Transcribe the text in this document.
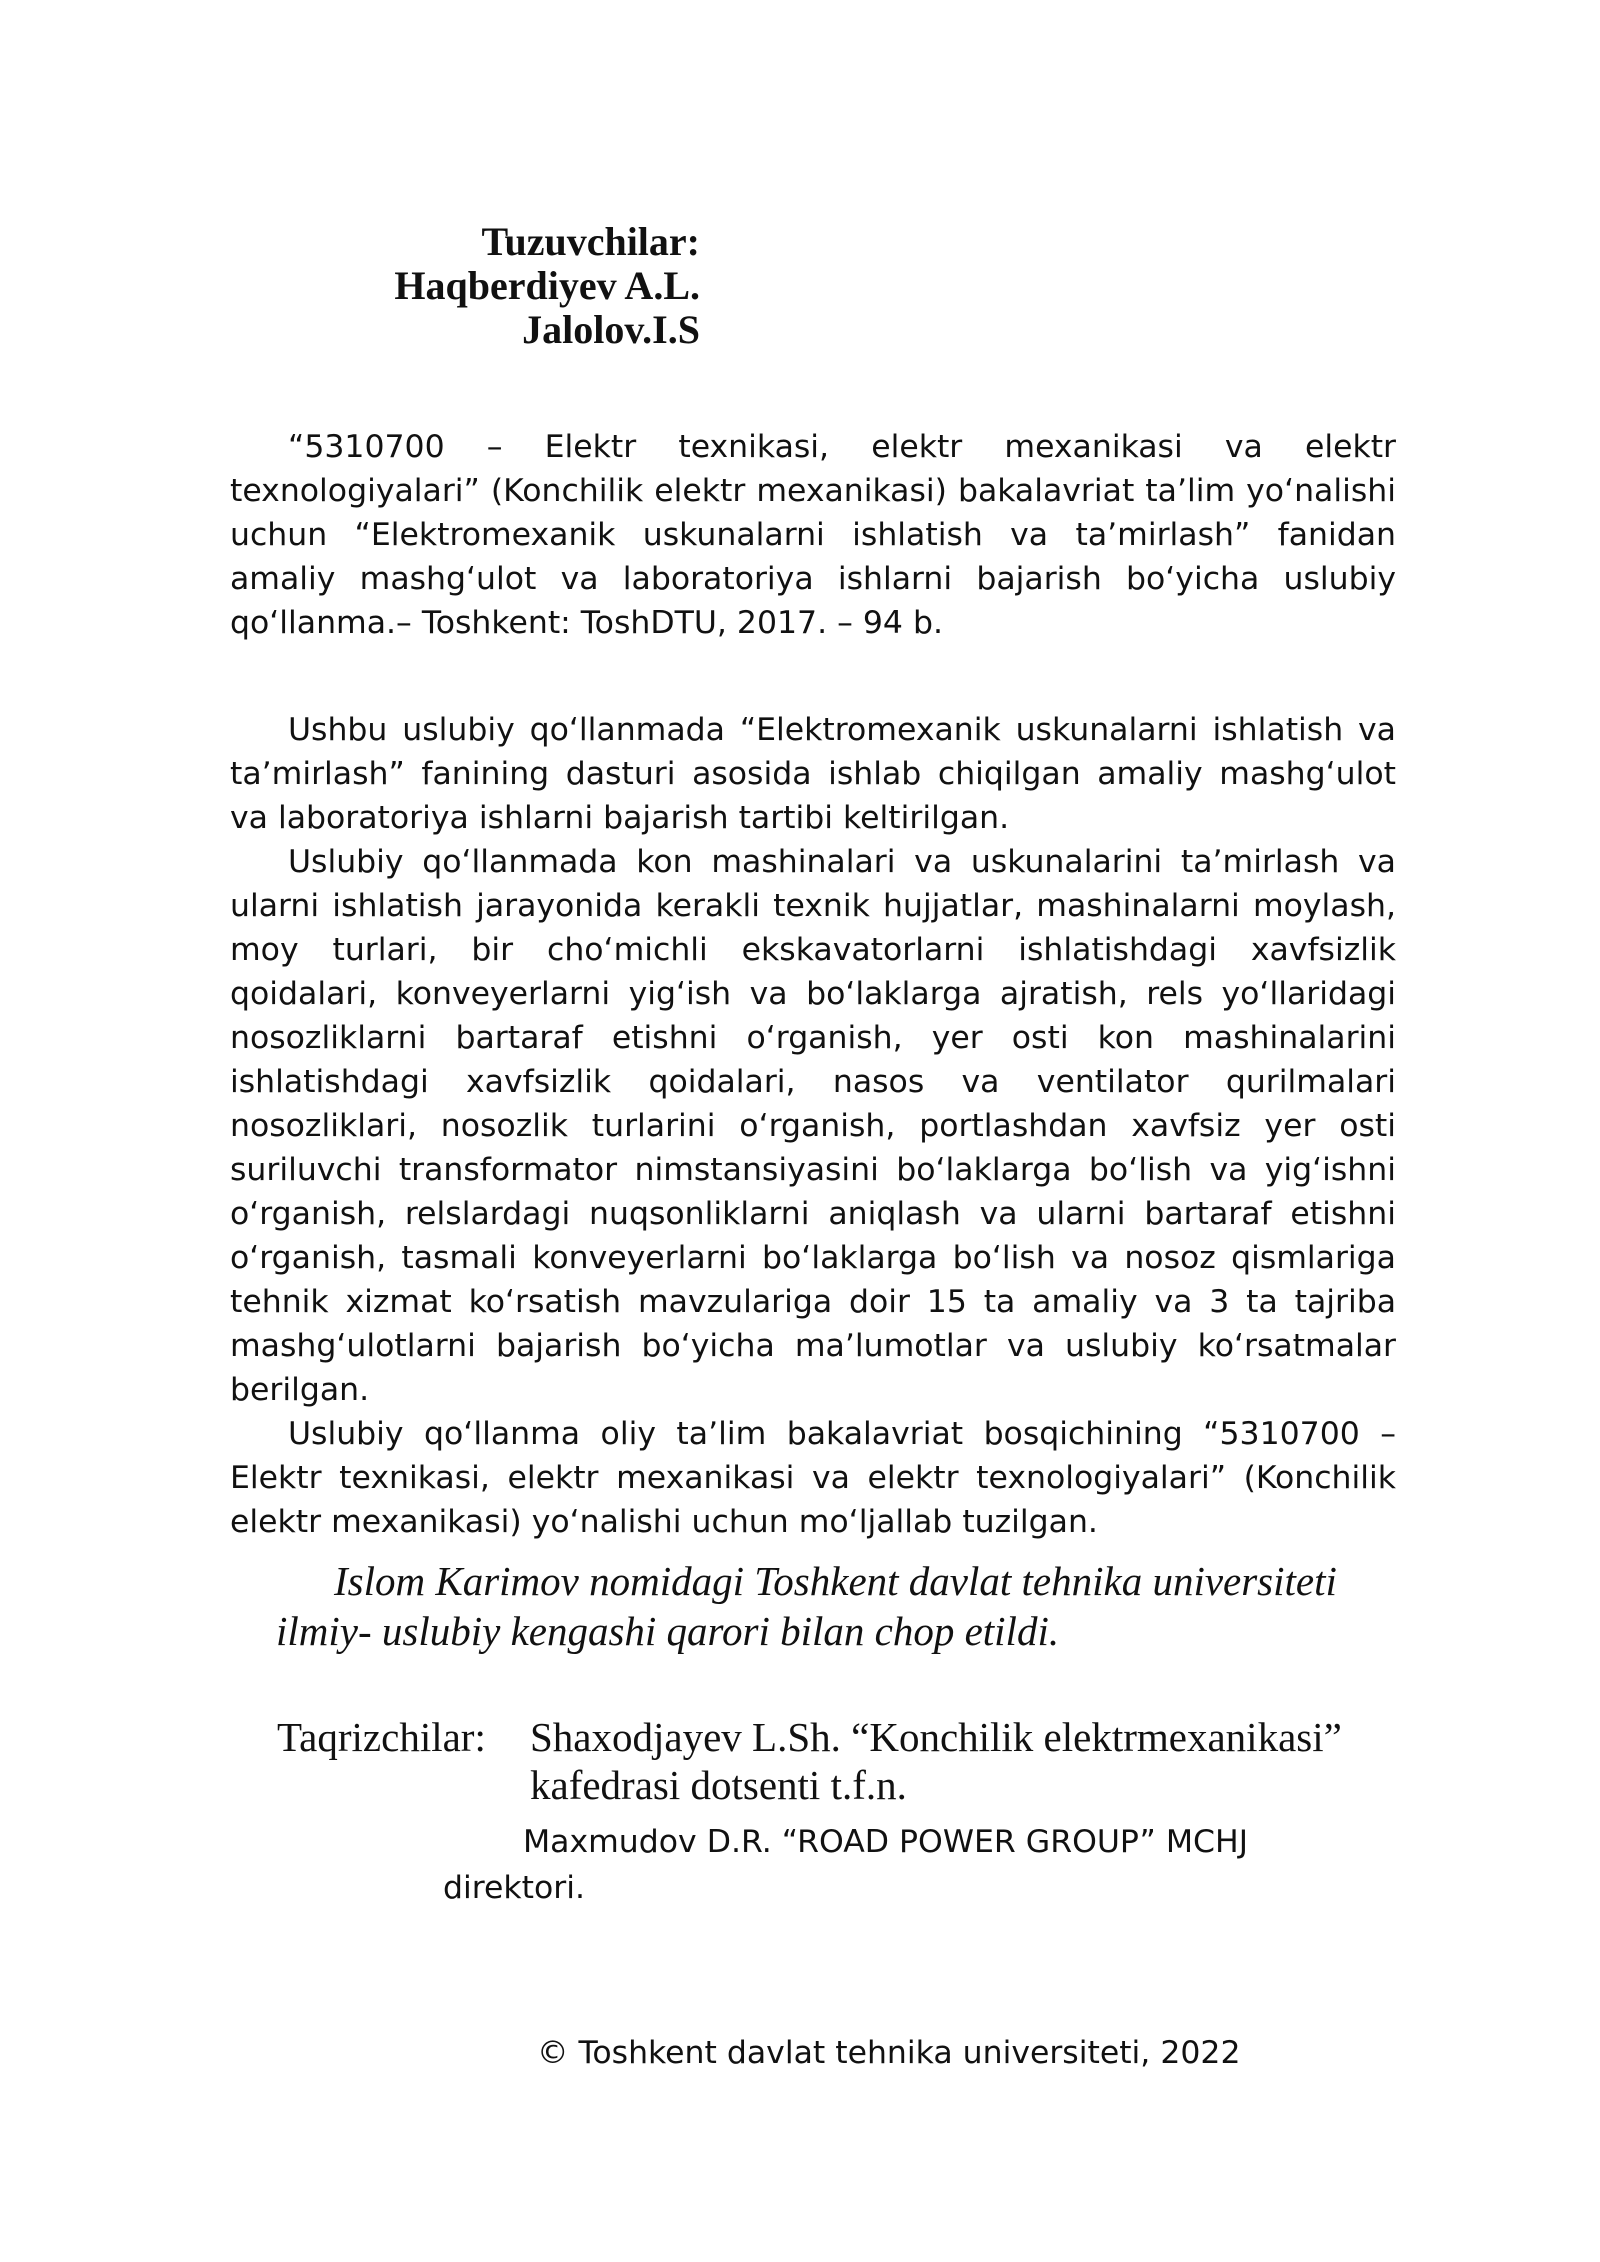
Tuzuvchilar:
Haqberdiyev A.L.
Jalolov.I.S

“5310700 – Elektr texnikasi, elektr mexanikasi va elektr texnologiyalari” (Konchilik elektr mexanikasi) bakalavriat ta’lim yo‘nalishi uchun “Elektromexanik uskunalarni ishlatish va ta’mirlash” fanidan amaliy mashg‘ulot va laboratoriya ishlarni bajarish bo‘yicha uslubiy qo‘llanma.– Toshkent: ToshDTU, 2017. – 94 b.

Ushbu uslubiy qo‘llanmada “Elektromexanik uskunalarni ishlatish va ta’mirlash” fanining dasturi asosida ishlab chiqilgan amaliy mashg‘ulot va laboratoriya ishlarni bajarish tartibi keltirilgan.

Uslubiy qo‘llanmada kon mashinalari va uskunalarini ta’mirlash va ularni ishlatish jarayonida kerakli texnik hujjatlar, mashinalarni moylash, moy turlari, bir cho‘michli ekskavatorlarni ishlatishdagi xavfsizlik qoidalari, konveyerlarni yig‘ish va bo‘laklarga ajratish, rels yo‘llaridagi nosozliklarni bartaraf etishni o‘rganish, yer osti kon mashinalarini ishlatishdagi xavfsizlik qoidalari, nasos va ventilator qurilmalari nosozliklari, nosozlik turlarini o‘rganish, portlashdan xavfsiz yer osti suriluvchi transformator nimstansiyasini bo‘laklarga bo‘lish va yig‘ishni o‘rganish, relslardagi nuqsonliklarni aniqlash va ularni bartaraf etishni o‘rganish, tasmali konveyerlarni bo‘laklarga bo‘lish va nosoz qismlariga tehnik xizmat ko‘rsatish mavzulariga doir 15 ta amaliy va 3 ta tajriba mashg‘ulotlarni bajarish bo‘yicha ma’lumotlar va uslubiy ko‘rsatmalar berilgan.

Uslubiy qo‘llanma oliy ta’lim bakalavriat bosqichining “5310700 – Elektr texnikasi, elektr mexanikasi va elektr texnologiyalari” (Konchilik elektr mexanikasi) yo‘nalishi uchun mo‘ljallab tuzilgan.

Islom Karimov nomidagi Toshkent davlat tehnika universiteti ilmiy- uslubiy kengashi qarori bilan chop etildi.

Taqrizchilar: Shaxodjayev L.Sh. “Konchilik elektrmexanikasi” kafedrasi dotsenti t.f.n.
Maxmudov D.R. “ROAD POWER GROUP” MCHJ
direktori.
© Toshkent davlat tehnika universiteti, 2022
